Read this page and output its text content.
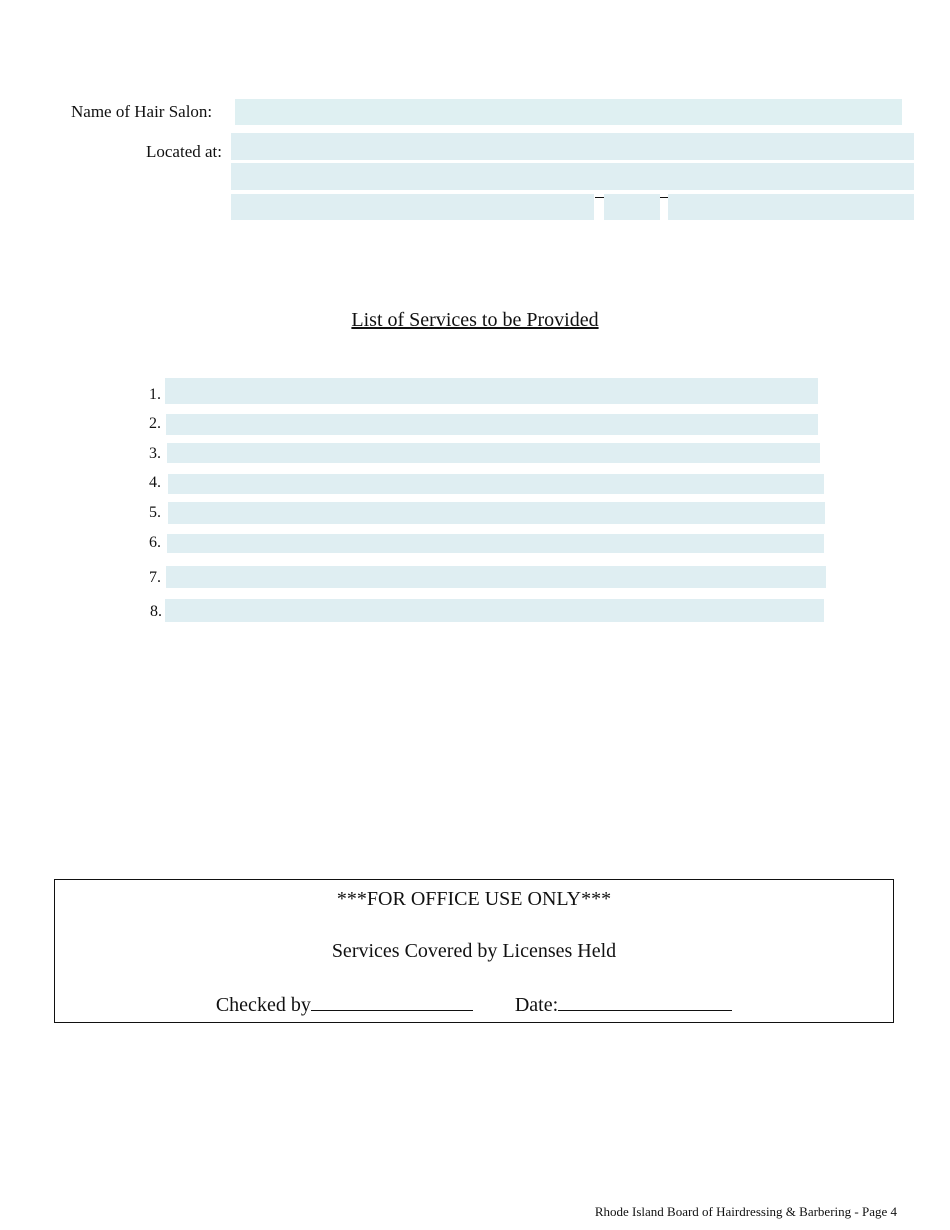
Name of Hair Salon:
Located at:
List of Services to be Provided
1.
2.
3.
4.
5.
6.
7.
8.
***FOR OFFICE USE ONLY***
Services Covered by Licenses Held
Checked by	Date:
Rhode Island Board of Hairdressing & Barbering - Page 4
